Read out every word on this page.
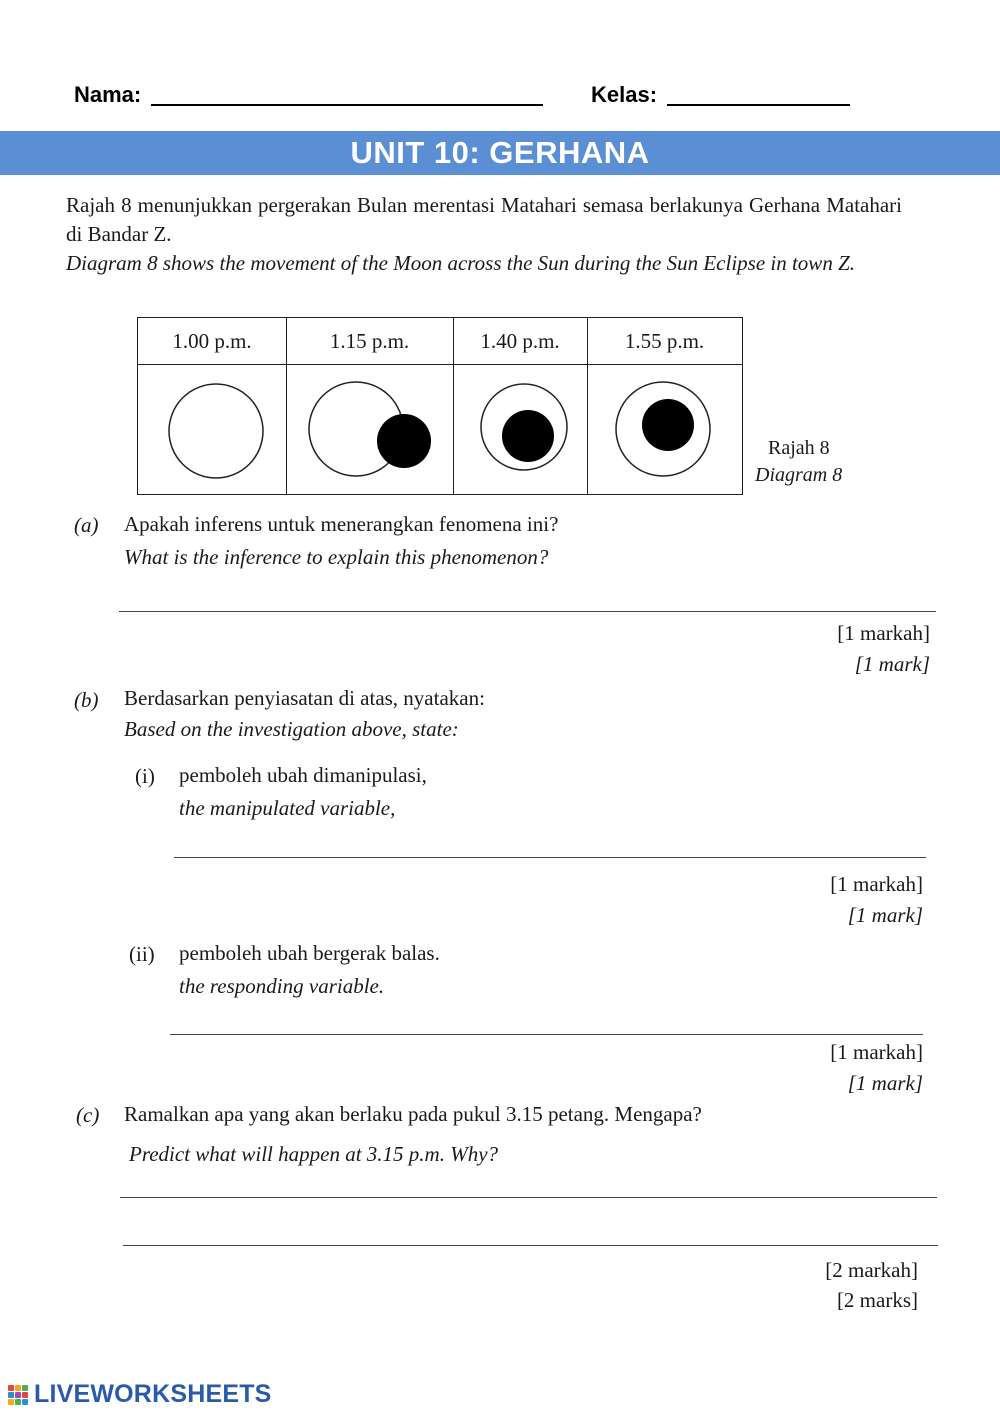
Nama:	Kelas:
UNIT 10: GERHANA
Rajah 8 menunjukkan pergerakan Bulan merentasi Matahari semasa berlakunya Gerhana Matahari di Bandar Z.
Diagram 8 shows the movement of the Moon across the Sun during the Sun Eclipse in town Z.
1.00 p.m.	1.15 p.m.	1.40 p.m.	1.55 p.m.
Rajah 8
Diagram 8
(a) Apakah inferens untuk menerangkan fenomena ini?
What is the inference to explain this phenomenon?
[1 markah]
[1 mark]
(b) Berdasarkan penyiasatan di atas, nyatakan:
Based on the investigation above, state:
(i) pemboleh ubah dimanipulasi,
the manipulated variable,
[1 markah]
[1 mark]
(ii) pemboleh ubah bergerak balas.
the responding variable.
[1 markah]
[1 mark]
(c) Ramalkan apa yang akan berlaku pada pukul 3.15 petang. Mengapa?
Predict what will happen at 3.15 p.m. Why?
[2 markah]
[2 marks]
LIVEWORKSHEETS
